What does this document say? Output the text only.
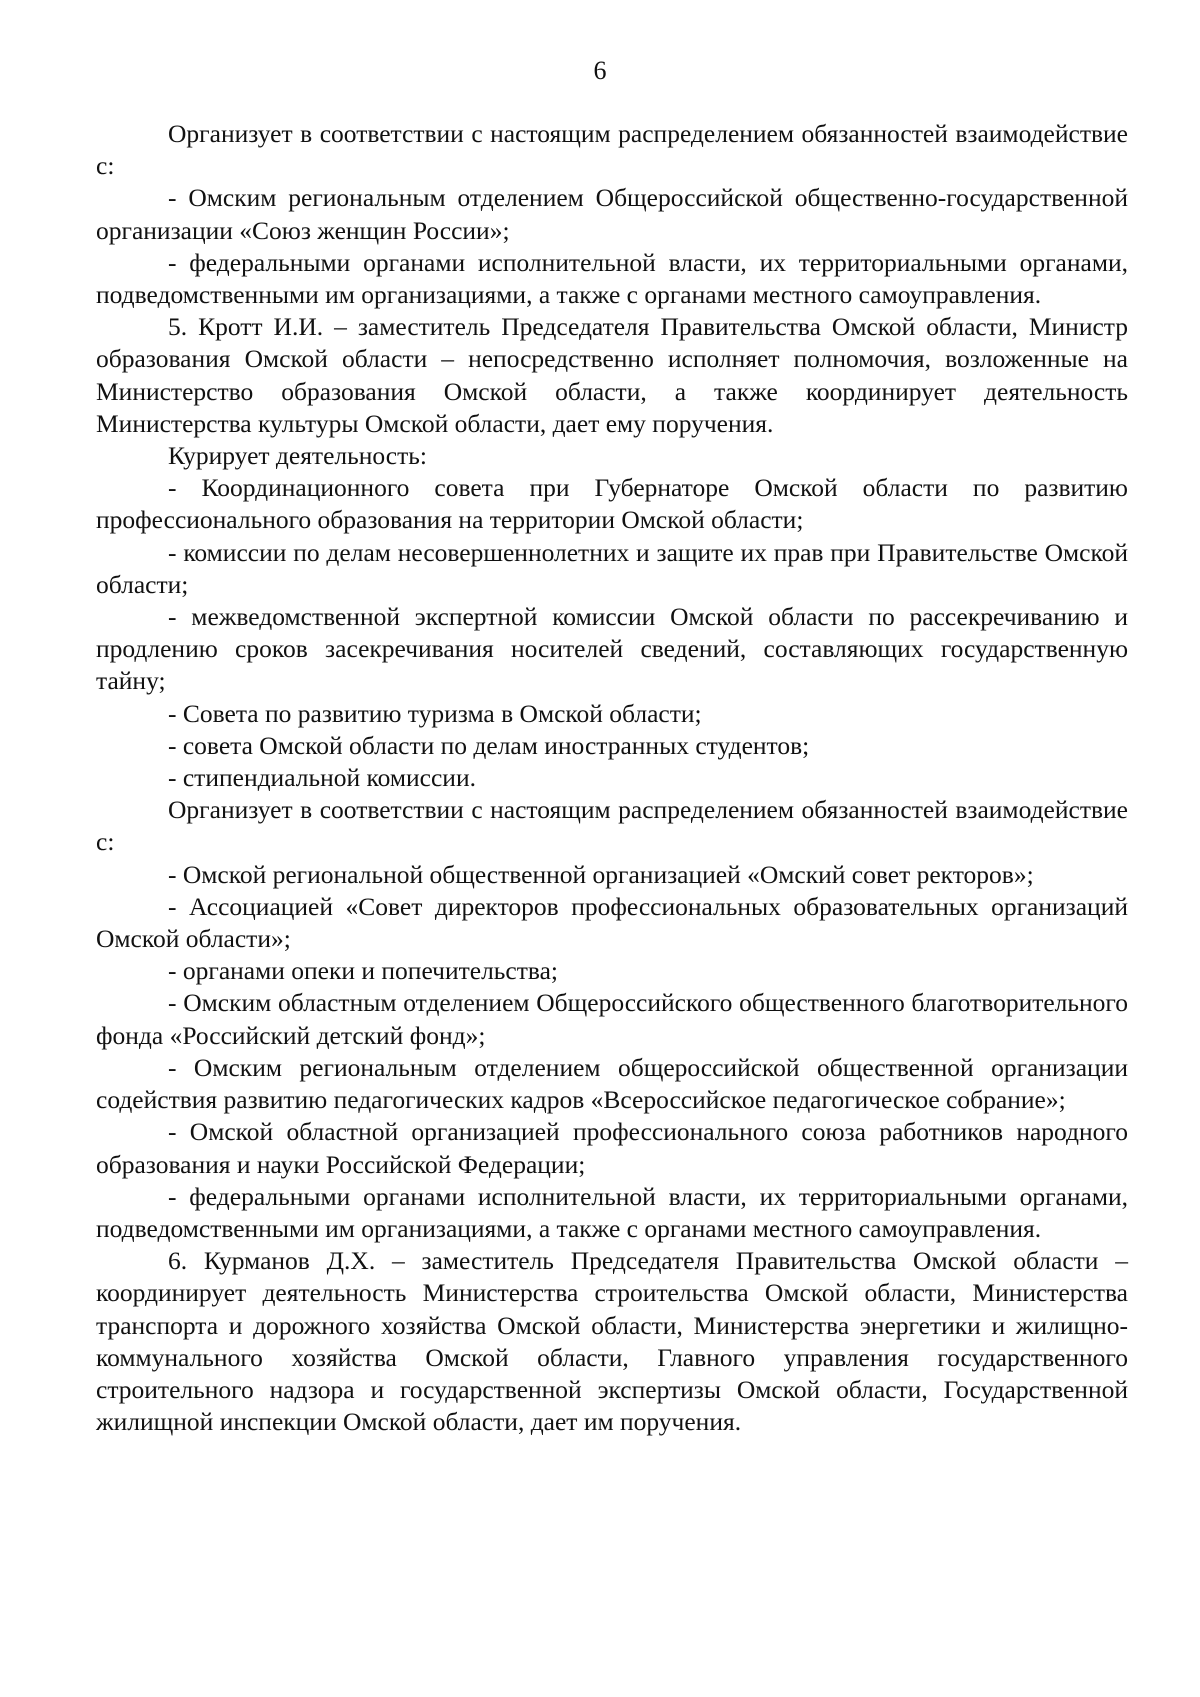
6

Организует в соответствии с настоящим распределением обязанностей взаимодействие с:

- Омским региональным отделением Общероссийской общественно-государственной организации «Союз женщин России»;

- федеральными органами исполнительной власти, их территориальными органами, подведомственными им организациями, а также с органами местного самоуправления.

5. Кротт И.И. – заместитель Председателя Правительства Омской области, Министр образования Омской области – непосредственно исполняет полномочия, возложенные на Министерство образования Омской области, а также координирует деятельность Министерства культуры Омской области, дает ему поручения.

Курирует деятельность:

- Координационного совета при Губернаторе Омской области по развитию профессионального образования на территории Омской области;

- комиссии по делам несовершеннолетних и защите их прав при Правительстве Омской области;

- межведомственной экспертной комиссии Омской области по рассекречиванию и продлению сроков засекречивания носителей сведений, составляющих государственную тайну;

- Совета по развитию туризма в Омской области;

- совета Омской области по делам иностранных студентов;

- стипендиальной комиссии.

Организует в соответствии с настоящим распределением обязанностей взаимодействие с:

- Омской региональной общественной организацией «Омский совет ректоров»;

- Ассоциацией «Совет директоров профессиональных образовательных организаций Омской области»;

- органами опеки и попечительства;

- Омским областным отделением Общероссийского общественного благотворительного фонда «Российский детский фонд»;

- Омским региональным отделением общероссийской общественной организации содействия развитию педагогических кадров «Всероссийское педагогическое собрание»;

- Омской областной организацией профессионального союза работников народного образования и науки Российской Федерации;

- федеральными органами исполнительной власти, их территориальными органами, подведомственными им организациями, а также с органами местного самоуправления.

6. Курманов Д.Х. – заместитель Председателя Правительства Омской области – координирует деятельность Министерства строительства Омской области, Министерства транспорта и дорожного хозяйства Омской области, Министерства энергетики и жилищно-коммунального хозяйства Омской области, Главного управления государственного строительного надзора и государственной экспертизы Омской области, Государственной жилищной инспекции Омской области, дает им поручения.
